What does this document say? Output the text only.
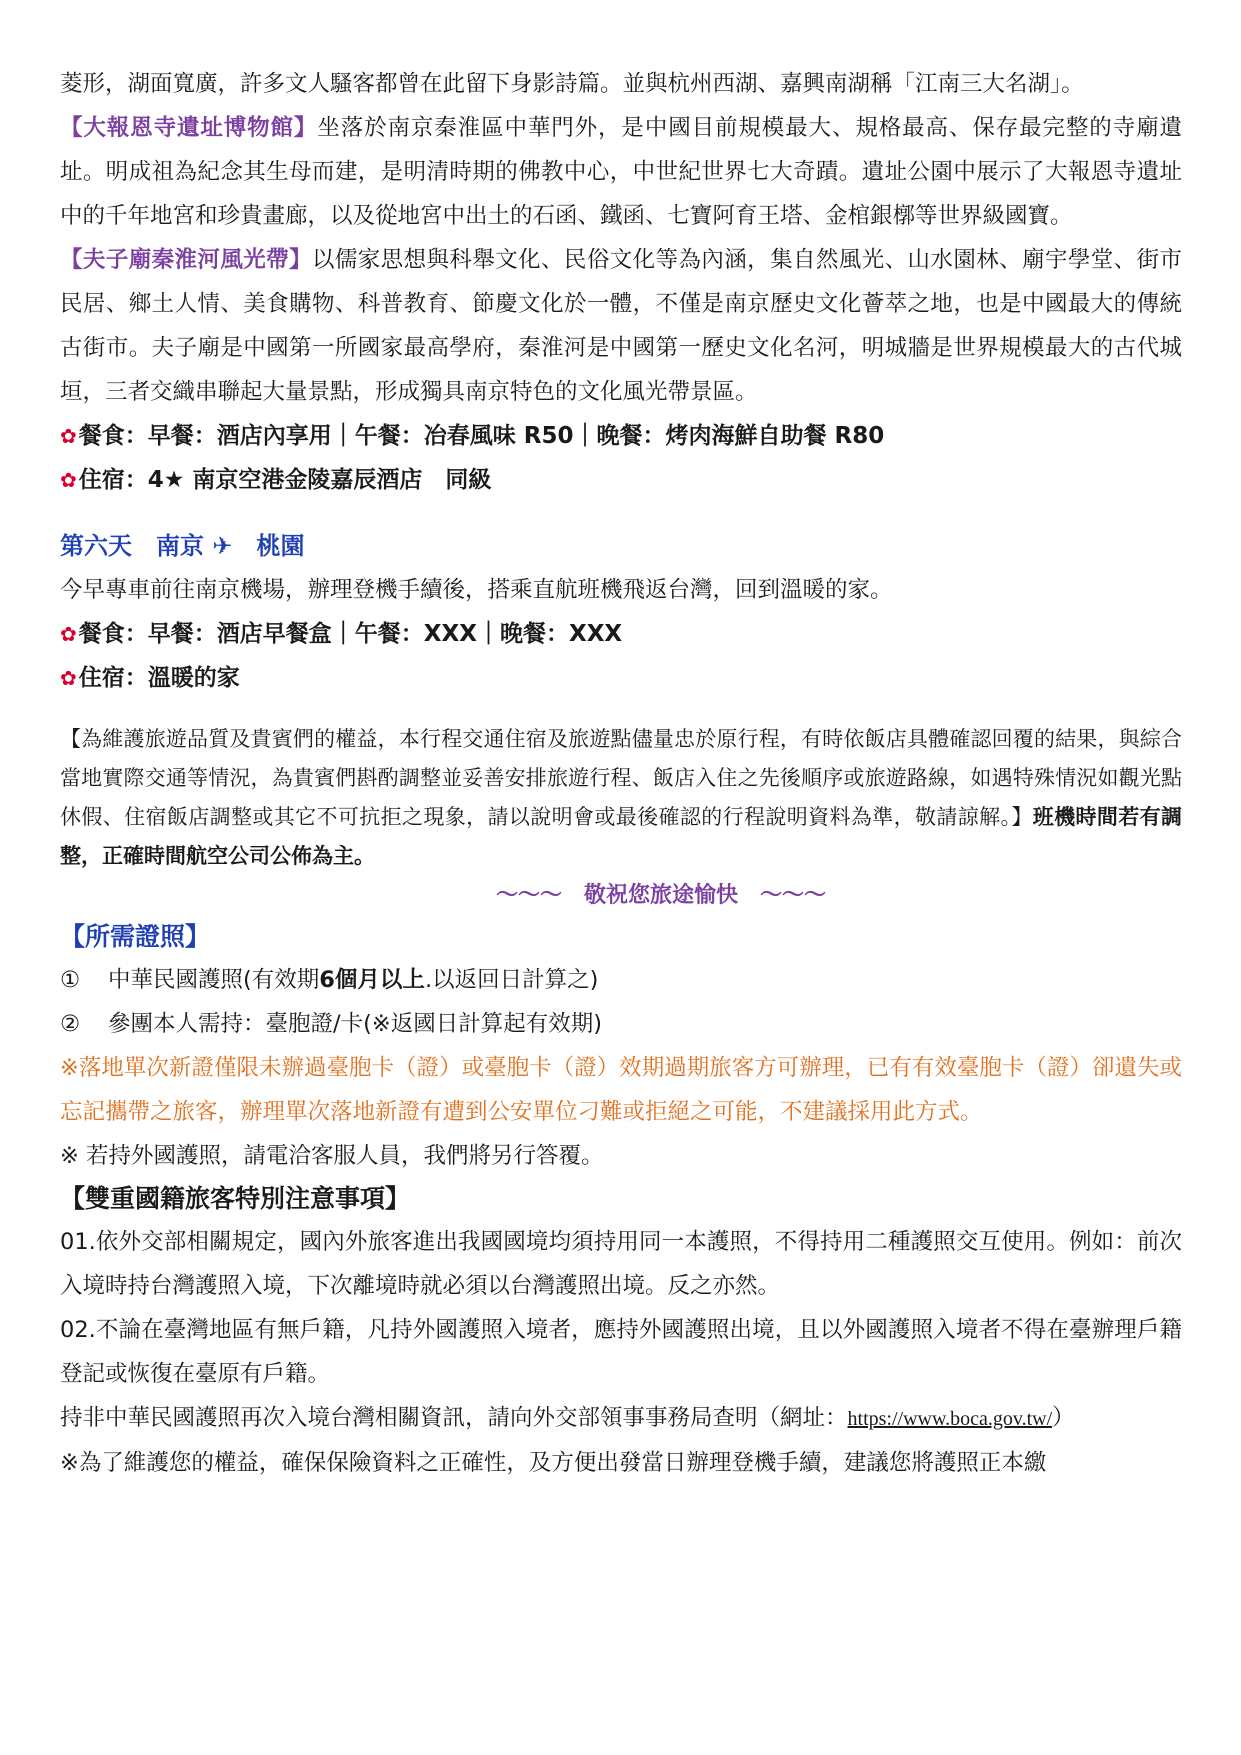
菱形，湖面寬廣，許多文人騷客都曾在此留下身影詩篇。並與杭州西湖、嘉興南湖稱「江南三大名湖」。

【大報恩寺遺址博物館】坐落於南京秦淮區中華門外，是中國目前規模最大、規格最高、保存最完整的寺廟遺址。明成祖為紀念其生母而建，是明清時期的佛教中心，中世紀世界七大奇蹟。遺址公園中展示了大報恩寺遺址中的千年地宮和珍貴畫廊，以及從地宮中出土的石函、鐵函、七寶阿育王塔、金棺銀槨等世界級國寶。

【夫子廟秦淮河風光帶】以儒家思想與科舉文化、民俗文化等為內涵，集自然風光、山水園林、廟宇學堂、街市民居、鄉土人情、美食購物、科普教育、節慶文化於一體，不僅是南京歷史文化薈萃之地，也是中國最大的傳統古街市。夫子廟是中國第一所國家最高學府，秦淮河是中國第一歷史文化名河，明城牆是世界規模最大的古代城垣，三者交織串聯起大量景點，形成獨具南京特色的文化風光帶景區。

✿餐食：早餐：酒店內享用｜午餐：冶春風味 R50｜晚餐：烤肉海鮮自助餐 R80

✿住宿：4★ 南京空港金陵嘉辰酒店　同級

第六天　南京 ✈　桃園

今早專車前往南京機場，辦理登機手續後，搭乘直航班機飛返台灣，回到溫暖的家。

✿餐食：早餐：酒店早餐盒｜午餐：XXX｜晚餐：XXX

✿住宿：溫暖的家

【為維護旅遊品質及貴賓們的權益，本行程交通住宿及旅遊點儘量忠於原行程，有時依飯店具體確認回覆的結果，與綜合當地實際交通等情況，為貴賓們斟酌調整並妥善安排旅遊行程、飯店入住之先後順序或旅遊路線，如遇特殊情況如觀光點休假、住宿飯店調整或其它不可抗拒之現象，請以說明會或最後確認的行程說明資料為準，敬請諒解。】班機時間若有調整，正確時間航空公司公佈為主。

～～～　敬祝您旅途愉快　～～～

【所需證照】

① 中華民國護照(有效期6個月以上.以返回日計算之)

② 參團本人需持：臺胞證/卡(※返國日計算起有效期)

※落地單次新證僅限未辦過臺胞卡（證）或臺胞卡（證）效期過期旅客方可辦理，已有有效臺胞卡（證）卻遺失或忘記攜帶之旅客，辦理單次落地新證有遭到公安單位刁難或拒絕之可能，不建議採用此方式。

※ 若持外國護照，請電洽客服人員，我們將另行答覆。

【雙重國籍旅客特別注意事項】

01.依外交部相關規定，國內外旅客進出我國國境均須持用同一本護照，不得持用二種護照交互使用。例如：前次入境時持台灣護照入境，下次離境時就必須以台灣護照出境。反之亦然。

02.不論在臺灣地區有無戶籍，凡持外國護照入境者，應持外國護照出境，且以外國護照入境者不得在臺辦理戶籍登記或恢復在臺原有戶籍。

持非中華民國護照再次入境台灣相關資訊，請向外交部領事事務局查明（網址：https://www.boca.gov.tw/）

※為了維護您的權益，確保保險資料之正確性，及方便出發當日辦理登機手續，建議您將護照正本繳
